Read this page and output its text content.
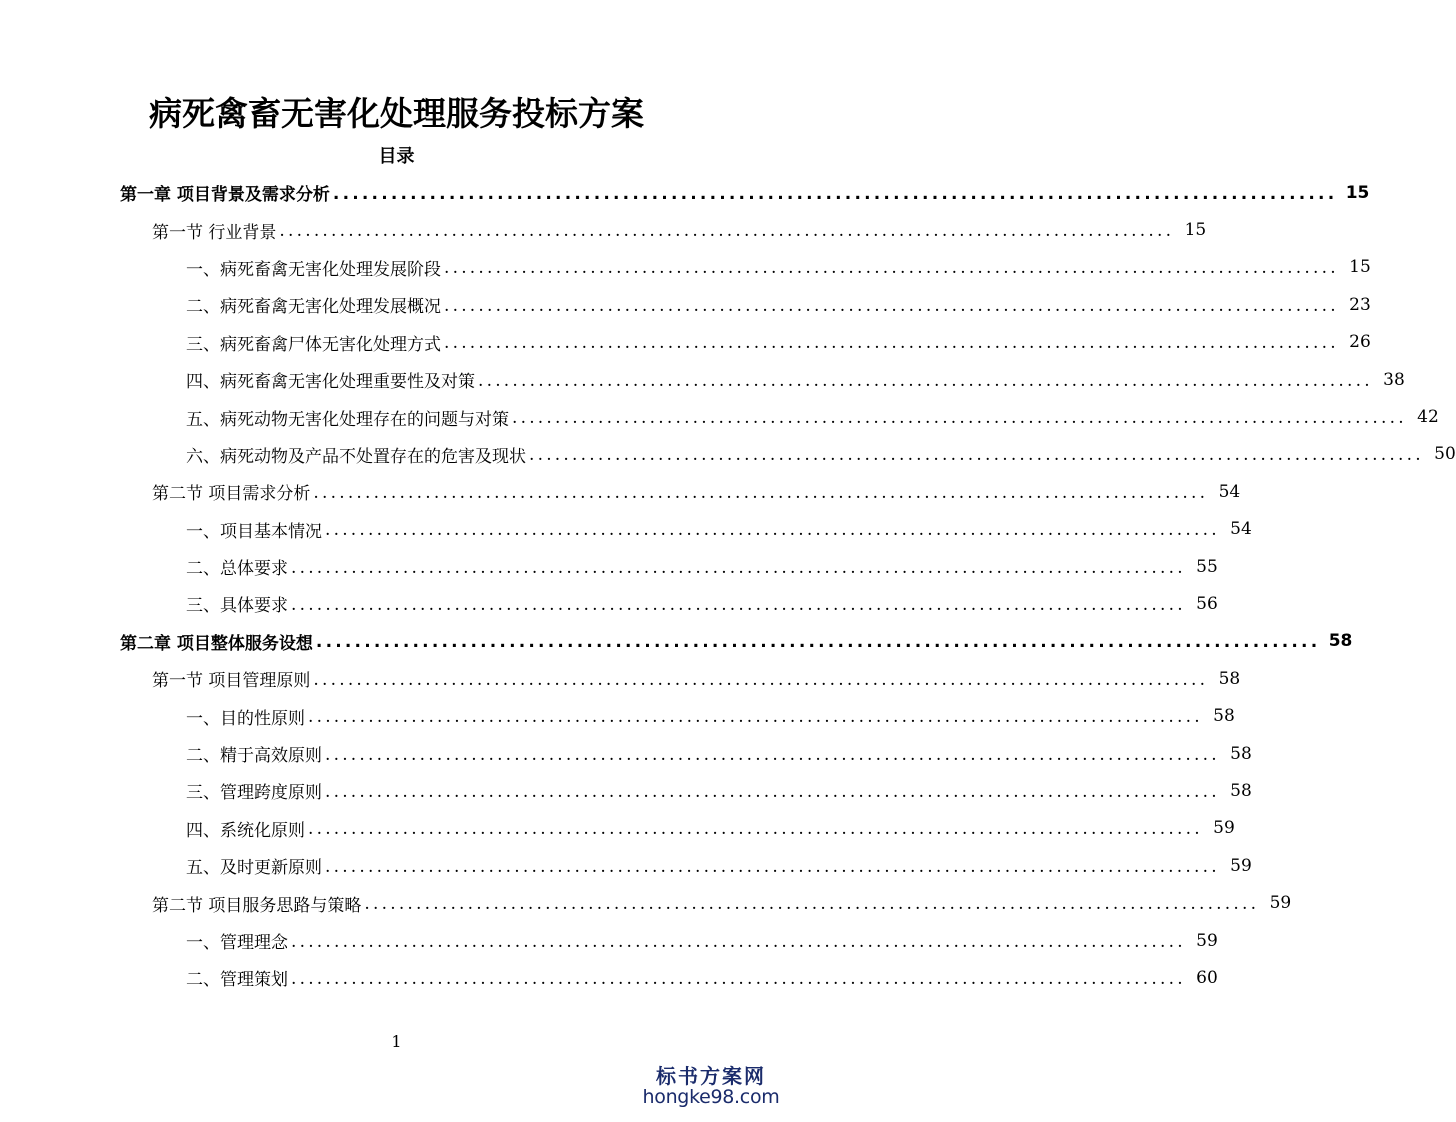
病死禽畜无害化处理服务投标方案
目录
第一章 项目背景及需求分析 ........................................................................................................ 15
第一节 行业背景 ........................................................................................................ 15
一、病死畜禽无害化处理发展阶段 ........................................................................................................ 15
二、病死畜禽无害化处理发展概况 ........................................................................................................ 23
三、病死畜禽尸体无害化处理方式 ........................................................................................................ 26
四、病死畜禽无害化处理重要性及对策 ........................................................................................................ 38
五、病死动物无害化处理存在的问题与对策 ........................................................................................................ 42
六、病死动物及产品不处置存在的危害及现状 ........................................................................................................ 50
第二节 项目需求分析 ........................................................................................................ 54
一、项目基本情况 ........................................................................................................ 54
二、总体要求 ........................................................................................................ 55
三、具体要求 ........................................................................................................ 56
第二章 项目整体服务设想 ........................................................................................................ 58
第一节 项目管理原则 ........................................................................................................ 58
一、目的性原则 ........................................................................................................ 58
二、精于高效原则 ........................................................................................................ 58
三、管理跨度原则 ........................................................................................................ 58
四、系统化原则 ........................................................................................................ 59
五、及时更新原则 ........................................................................................................ 59
第二节 项目服务思路与策略 ........................................................................................................ 59
一、管理理念 ........................................................................................................ 59
二、管理策划 ........................................................................................................ 60
1
标书方案网
hongke98.com
